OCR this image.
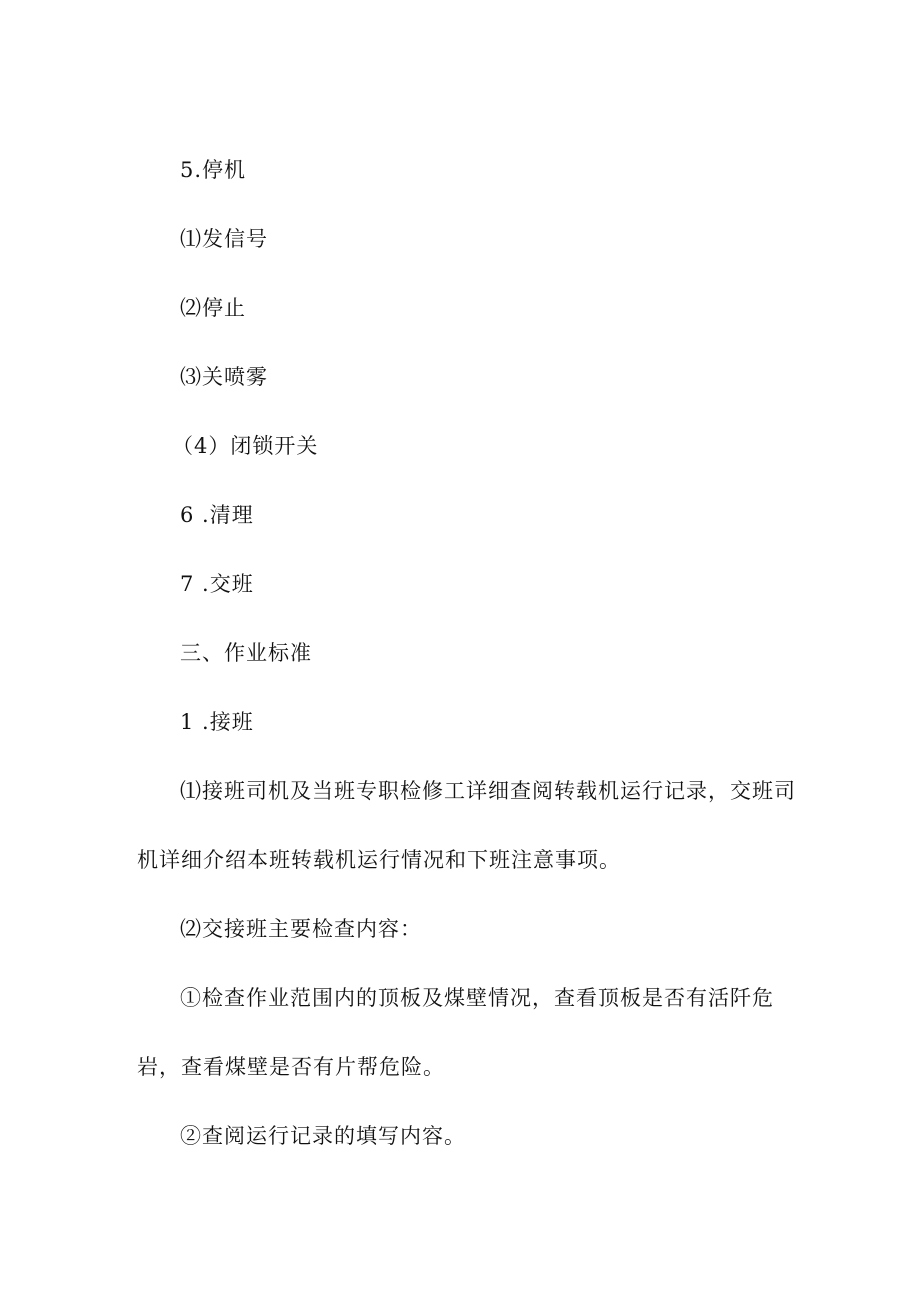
5.停机
⑴发信号
⑵停止
⑶关喷雾
（4）闭锁开关
6 .清理
7 .交班
三、作业标准
1 .接班
⑴接班司机及当班专职检修工详细查阅转载机运行记录，交班司
机详细介绍本班转载机运行情况和下班注意事项。
⑵交接班主要检查内容：
①检查作业范围内的顶板及煤壁情况，查看顶板是否有活阡危
岩，查看煤壁是否有片帮危险。
②查阅运行记录的填写内容。
